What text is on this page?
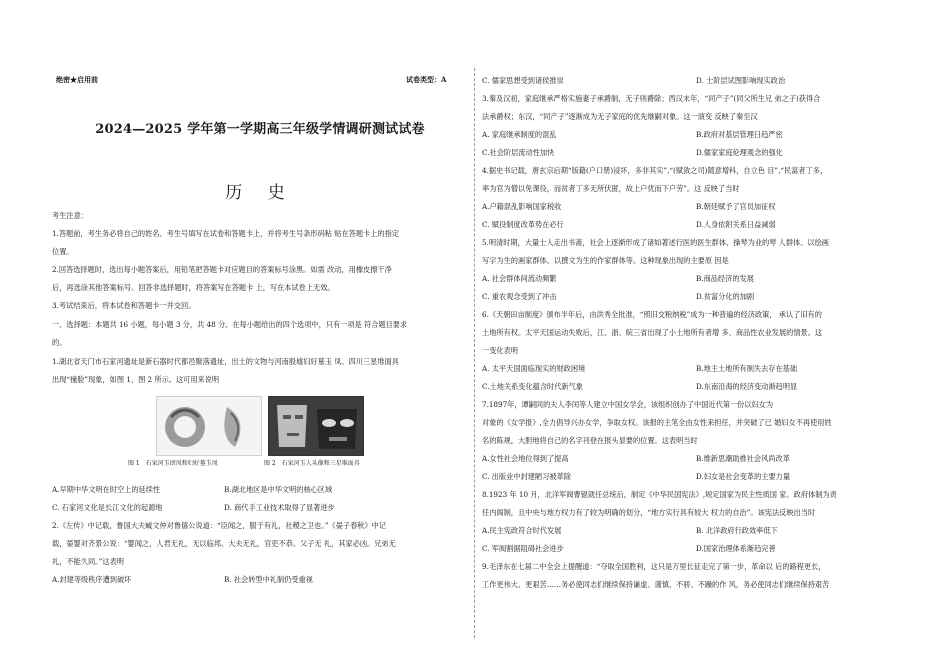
绝密★启用前	试卷类型：A
2024—2025 学年第一学期高三年级学情调研测试试卷
历 史
考生注意：
1.答题前，考生务必将自己的姓名、考生号填写在试卷和答题卡上，并将考生号条形码粘 贴在答题卡上的指定
位置。
2.回答选择题时，选出每小题答案后，用铅笔把答题卡对应题目的答案标号涂黑。如需 改动，用橡皮擦干净
后，再选涂其他答案标号。回答非选择题时，将答案写在答题卡 上，写在本试卷上无效。
3.考试结束后，将本试卷和答题卡一并交回。
一、选择题：本题共 16 小题，每小题 3 分，共 48 分。在每小题给出的四个选项中，只有一项是 符合题目要求
的。
1.湖北省天门市石家河遗址是新石器时代都邑聚落遗址，出土的文物与河南殷墟妇好墓玉 凤、四川三星堆面具
出现“撞脸”现象，如图 1、图 2 所示。这可用来说明
图 1　石家河玉团凤和妇好墓玉凤	图 2　石家河玉人头像和三星堆面具
A.早期中华文明在时空上的延续性	B.湖北地区是中华文明的核心区域
C. 石家河文化是长江文化的起源地	D. 商代手工业技术取得了显著进步
2.《左传》中记载，鲁国大夫臧文仲对鲁僖公说道：“臣闻之，服于有礼，社稷之卫也。”《晏子春秋》中记
载，晏婴对齐景公说：“婴闻之，人君无礼，无以临邦。大夫无礼，官吏不恭。父子无 礼，其家必凶。兄弟无
礼，不能久同。”这表明
A.封建等级秩序遭到破坏	B. 社会转型中礼制仍受重视
C. 儒家思想受到诸侯推崇	D. 士阶层试图影响现实政治
3.秦及汉初，家庭继承严格实施妻子承爵制，无子则爵除；西汉末年，“同产子”(同父所生兄 弟之子)获得合
法承爵权；东汉，“同产子”逐渐成为无子家庭的优先继嗣对象。这一演变 反映了秦至汉
A. 家庭继承制度的混乱	B.政府对基层管理日趋严密
C.社会阶层流动性加快	D.儒家家庭伦理观念的强化
4.据史书记载，唐玄宗后期“版籍(户口册)浸坏，多非其实”,“(赋敛之司)随意增科，自立色 目”,“民富者丁多，
率为官为僧以免课役，而贫者丁多无所伏匿，故上户优而下户劳”。这 反映了当时
A.户籍混乱影响国家税收	B.朝廷赋予了官员加征权
C. 赋役制度改革势在必行	D.人身依附关系日益减弱
5.明清时期，大量士人走出书斋，社会上逐渐形成了诸如著述行医的医生群体、操琴为业的琴 人群体、以绘画
写字为生的画家群体、以撰文为生的作家群体等。这种现象出现的主要原 因是
A. 社会群体间流动频繁	B.商品经济的发展
C. 重农观念受到了冲击	D.贫富分化的加剧
6.《天朝田亩制度》颁布半年后，由洪秀全批准，“照旧交粮纳税”成为一种普遍的经济政策， 承认了旧有的
土地所有权。太平天国运动失败后，江、浙、皖三省出现了小土地所有者增 多、商品性农业发展的情景。这
一变化表明
A. 太平天国面临现实的财政困境	B.地主土地所有制失去存在基础
C.土地关系变化蕴含时代新气象	D.东南沿海的经济变动渐趋明显
7.1897年，谭嗣同的夫人李闰等人建立中国女学会，该组织创办了中国近代第一份以妇女为
对象的《女学报》,全力倡导兴办女学，争取女权。该报的主笔全由女性来担任，并突破了已 婚妇女不再使用姓
名的陈规，大胆地将自己的名字刊登在报头显要的位置。这表明当时
A.女性社会地位得到了提高	B.维新思潮助推社会风尚改革
C. 出版业中封建陋习被革除	D.妇女是社会变革的主要力量
8.1923 年 10 月，北洋军阀曹锟就任总统后，制定《中华民国宪法》,规定国家为民主性质国 家。政府体制为责
任内阁制，且中央与地方权力有了较为明确的划分，“地方实行具有较大 权力的自治”。该宪法反映出当时
A.民主宪政符合时代发展	B. 北洋政府行政效率低下
C. 军阀割据阻碍社会进步	D.国家治理体系渐趋完善
9.毛泽东在七届二中全会上提醒道：“夺取全国胜利，这只是万里长征走完了第一步，革命以 后的路程更长，
工作更伟大、更艰苦……务必使同志们继续保持谦虚、谨慎、不骄、不躁的作 风，务必使同志们继续保持艰苦
